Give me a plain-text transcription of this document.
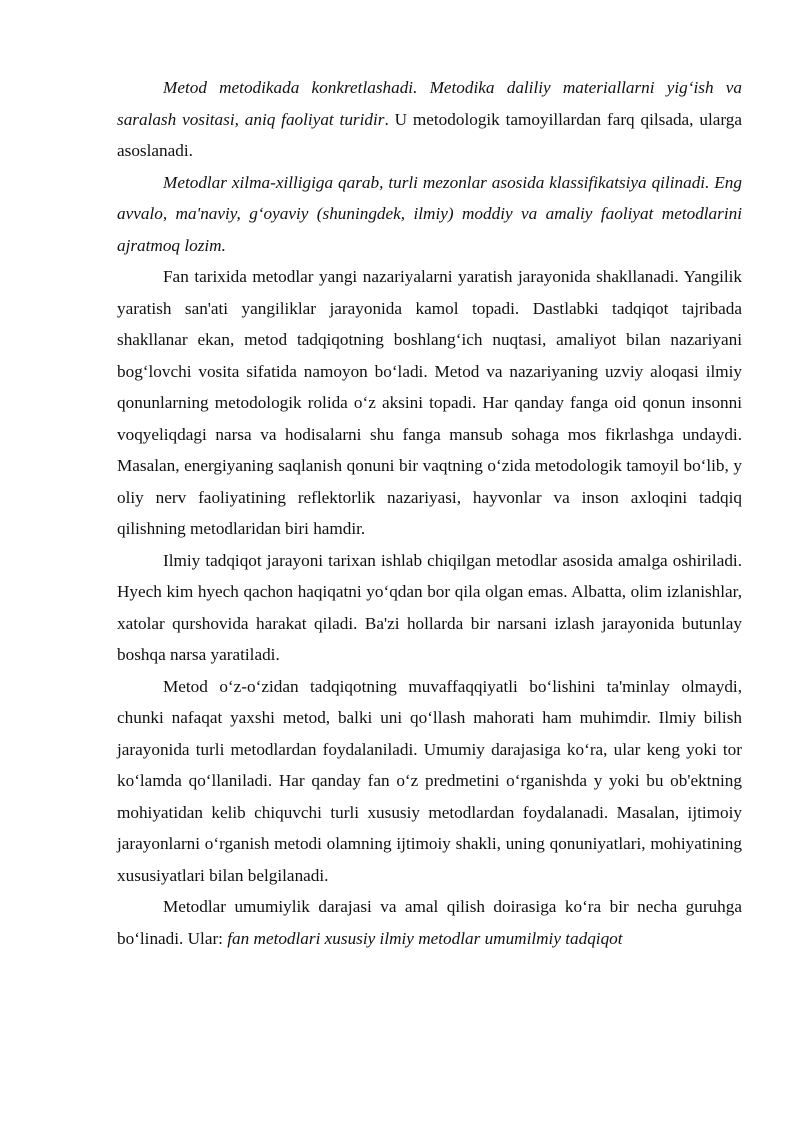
Metod metodikada konkretlashadi. Metodika daliliy materiallarni yig‘ish va saralash vositasi, aniq faoliyat turidir. U metodologik tamoyillardan farq qilsada, ularga asoslanadi.

Metodlar xilma-xilligiga qarab, turli mezonlar asosida klassifikatsiya qilinadi. Eng avvalo, ma'naviy, g‘oyaviy (shuningdek, ilmiy) moddiy va amaliy faoliyat metodlarini ajratmoq lozim.

Fan tarixida metodlar yangi nazariyalarni yaratish jarayonida shakllanadi. Yangilik yaratish san'ati yangiliklar jarayonida kamol topadi. Dastlabki tadqiqot tajribada shakllanar ekan, metod tadqiqotning boshlang‘ich nuqtasi, amaliyot bilan nazariyani bog‘lovchi vosita sifatida namoyon bo‘ladi. Metod va nazariyaning uzviy aloqasi ilmiy qonunlarning metodologik rolida o‘z aksini topadi. Har qanday fanga oid qonun insonni voqyeliqdagi narsa va hodisalarni shu fanga mansub sohaga mos fikrlashga undaydi. Masalan, energiyaning saqlanish qonuni bir vaqtning o‘zida metodologik tamoyil bo‘lib, y oliy nerv faoliyatining reflektorlik nazariyasi, hayvonlar va inson axloqini tadqiq qilishning metodlaridan biri hamdir.

Ilmiy tadqiqot jarayoni tarixan ishlab chiqilgan metodlar asosida amalga oshiriladi. Hyech kim hyech qachon haqiqatni yo‘qdan bor qila olgan emas. Albatta, olim izlanishlar, xatolar qurshovida harakat qiladi. Ba'zi hollarda bir narsani izlash jarayonida butunlay boshqa narsa yaratiladi.

Metod o‘z-o‘zidan tadqiqotning muvaffaqqiyatli bo‘lishini ta'minlay olmaydi, chunki nafaqat yaxshi metod, balki uni qo‘llash mahorati ham muhimdir. Ilmiy bilish jarayonida turli metodlardan foydalaniladi. Umumiy darajasiga ko‘ra, ular keng yoki tor ko‘lamda qo‘llaniladi. Har qanday fan o‘z predmetini o‘rganishda y yoki bu ob'ektning mohiyatidan kelib chiquvchi turli xususiy metodlardan foydalanadi. Masalan, ijtimoiy jarayonlarni o‘rganish metodi olamning ijtimoiy shakli, uning qonuniyatlari, mohiyatining xususiyatlari bilan belgilanadi.

Metodlar umumiylik darajasi va amal qilish doirasiga ko‘ra bir necha guruhga bo‘linadi. Ular: fan metodlari xususiy ilmiy metodlar umumilmiy tadqiqot
